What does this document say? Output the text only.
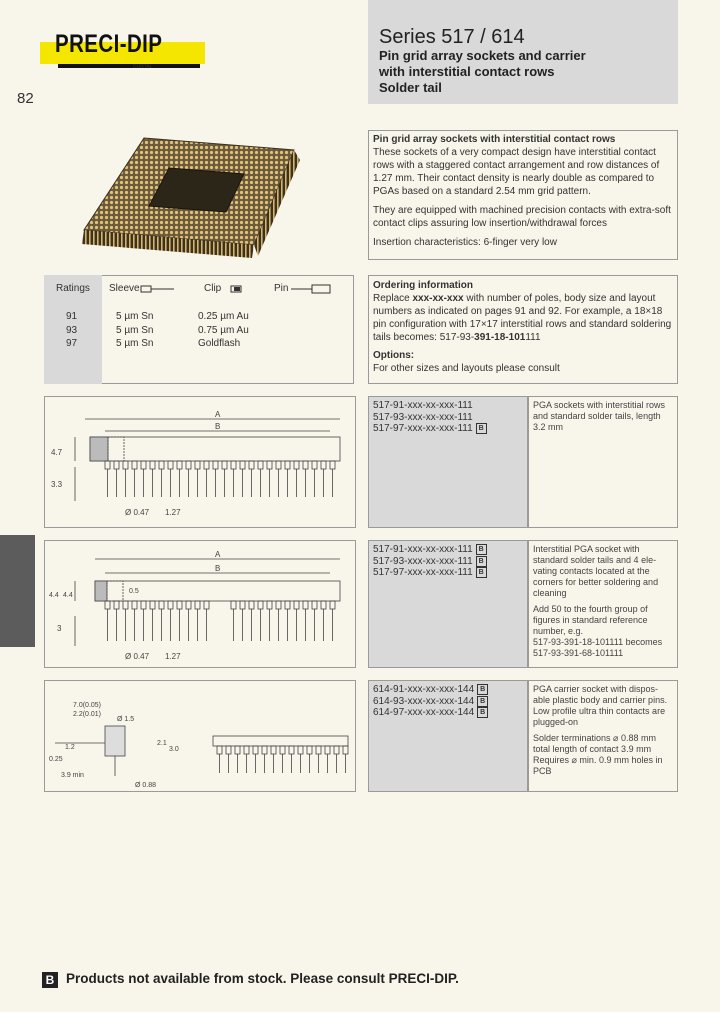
PRECI-DIP
DURTAL
82
Series 517 / 614
Pin grid array sockets and carrier
with interstitial contact rows
Solder tail
Pin grid array sockets with interstitial contact rows
These sockets of a very compact design have interstitial contact rows with a staggered contact arrangement and row distances of 1.27 mm. Their contact density is nearly double as compared to PGAs based on a standard 2.54 mm grid pattern.
They are equipped with machined precision contacts with extra-soft contact clips assuring low insertion/withdrawal forces
Insertion characteristics: 6-finger very low
Ratings Sleeve	Clip	Pin
91	5 µm Sn	0.25 µm Au
93	5 µm Sn	0.75 µm Au
97	5 µm Sn	Goldflash
Ordering information
Replace xxx-xx-xxx with number of poles, body size and layout numbers as indicated on pages 91 and 92. For example, a 18×18 pin configuration with 17×17 interstitial rows and standard soldering tails becomes: 517-93-391-18-101111
Options:
For other sizes and layouts please consult
A
B
4.7
3.3
Ø 0.47 1.27
517-91-xxx-xx-xxx-111
517-93-xxx-xx-xxx-111
517-97-xxx-xx-xxx-111 B
PGA sockets with interstitial rows
and standard solder tails, length
3.2 mm
A
B
4.4 4.4
0.5
3
Ø 0.47 1.27
517-91-xxx-xx-xxx-111 B
517-93-xxx-xx-xxx-111 B
517-97-xxx-xx-xxx-111 B
Interstitial PGA socket with
standard solder tails and 4 ele-
vating contacts located at the
corners for better soldering and
cleaning
Add 50 to the fourth group of
figures in standard reference
number, e.g.
517-93-391-18-101111 becomes
517-93-391-68-101111
7.0(0.05)
2.2(0.01)
Ø 1.5
2.1
3.0
1.2
0.25
3.9 min
Ø 0.88
614-91-xxx-xx-xxx-144 B
614-93-xxx-xx-xxx-144 B
614-97-xxx-xx-xxx-144 B
PGA carrier socket with dispos-
able plastic body and carrier pins.
Low profile ultra thin contacts are
plugged-on
Solder terminations ⌀ 0.88 mm
total length of contact 3.9 mm
Requires ⌀ min. 0.9 mm holes in
PCB
B Products not available from stock. Please consult PRECI-DIP.
